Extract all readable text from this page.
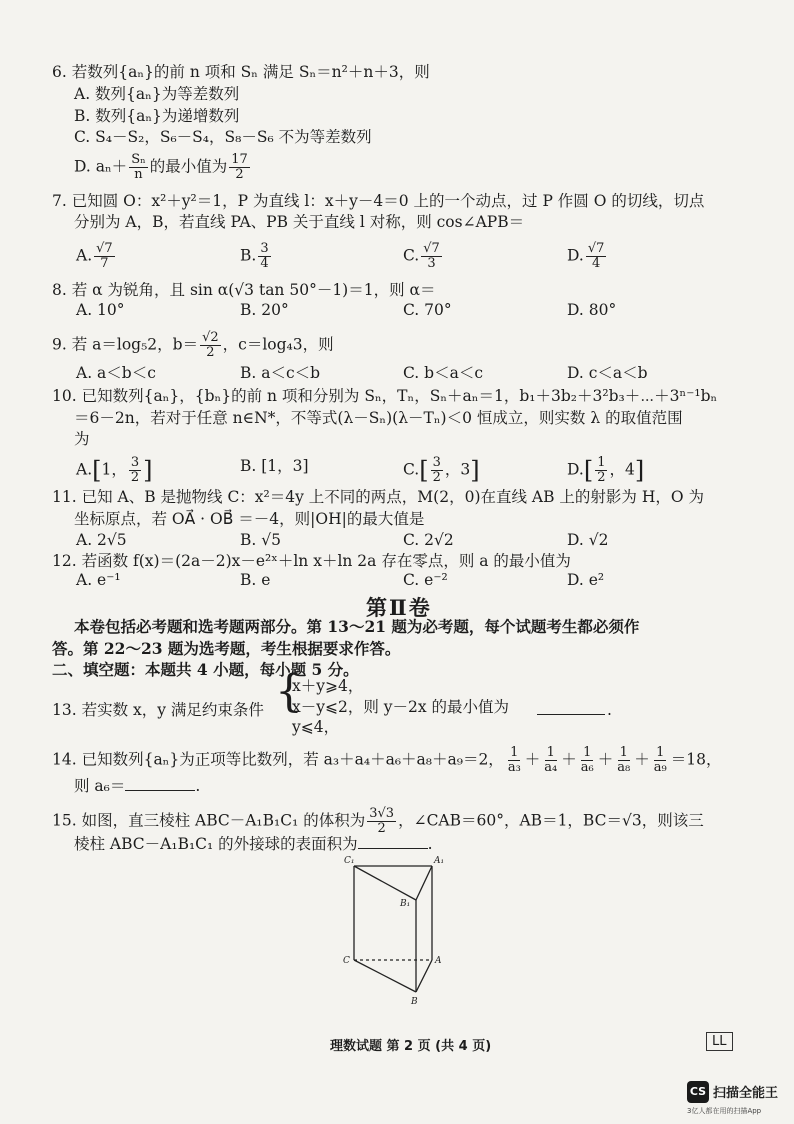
6. 若数列{aₙ}的前 n 项和 Sₙ 满足 Sₙ＝n²＋n＋3，则
A. 数列{aₙ}为等差数列
B. 数列{aₙ}为递增数列
C. S₄－S₂，S₆－S₄，S₈－S₆ 不为等差数列
D. $a_n+ \frac{\text{Sₙ}}{n}$ 的最小值为 $\frac{17}{2}$
7. 已知圆 O：x²＋y²＝1，P 为直线 l：x＋y－4＝0 上的一个动点，过 P 作圆 O 的切线，切点
分别为 A，B，若直线 PA、PB 关于直线 l 对称，则 cos∠APB＝
A. $\frac{√7}{7}$	B. $\frac{3}{4}$	C. $\frac{√7}{3}$	D. $\frac{√7}{4}$
8. 若 α 为锐角，且 sin α(√3 tan 50°－1)＝1，则 α＝
A. 10°	B. 20°	C. 70°	D. 80°
9. 若 a＝log₅2，$b= \frac{√2}{2}$ ，c＝log₄3，则
A. a＜b＜c	B. a＜c＜b	C. b＜a＜c	D. c＜a＜b
10. 已知数列{aₙ}，{bₙ}的前 n 项和分别为 Sₙ，Tₙ，Sₙ＋aₙ＝1，b₁＋3b₂＋3²b₃＋⋯＋3ⁿ⁻¹bₙ
＝6－2n，若对于任意 n∈N*，不等式(λ－Sₙ)(λ－Tₙ)＜0 恒成立，则实数 λ 的取值范围
为
A.[1， $\frac{3}{2}$ ]	B. [1，3]	$C.[ \frac{3}{2}$ ，3]	$D.[ \frac{1}{2}$ ，4]
11. 已知 A、B 是抛物线 C：x²＝4y 上不同的两点，M(2，0)在直线 AB 上的射影为 H，O 为
坐标原点，若 OA⃗ · OB⃗ ＝－4，则|OH|的最大值是
A. 2√5	B. √5	C. 2√2	D. √2
12. 若函数 f(x)＝(2a－2)x－e²ˣ＋ln x＋ln 2a 存在零点，则 a 的最小值为
A. e⁻¹	B. e	C. e⁻²	D. e²
第Ⅱ卷
本卷包括必考题和选考题两部分。第 13～21 题为必考题，每个试题考生都必须作
答。第 22～23 题为选考题，考生根据要求作答。
二、填空题：本题共 4 小题，每小题 5 分。
13. 若实数 x，y 满足约束条件 {
x＋y⩾4，
x－y⩽2，则 y－2x 的最小值为
y⩽4，
.
14. 已知数列{aₙ}为正项等比数列，若 a₃＋a₄＋a₆＋a₈＋a₉＝2， $\frac{1}{\text{a₃}} + \frac{1}{\text{a₄}} + \frac{1}{\text{a₆}} + \frac{1}{\text{a₈}} + \frac{1}{\text{a₉}} =18$，
则 a₆＝	.
15. 如图，直三棱柱 ABC－A₁B₁C₁ 的体积为 $\frac{3√3}{2}$ ，∠CAB＝60°，AB＝1，BC＝√3，则该三
棱柱 ABC－A₁B₁C₁ 的外接球的表面积为	.
C₁	A₁
B₁
C	A
B
理数试题 第 2 页 (共 4 页)	LL
CS 扫描全能王
3亿人都在用的扫描App
